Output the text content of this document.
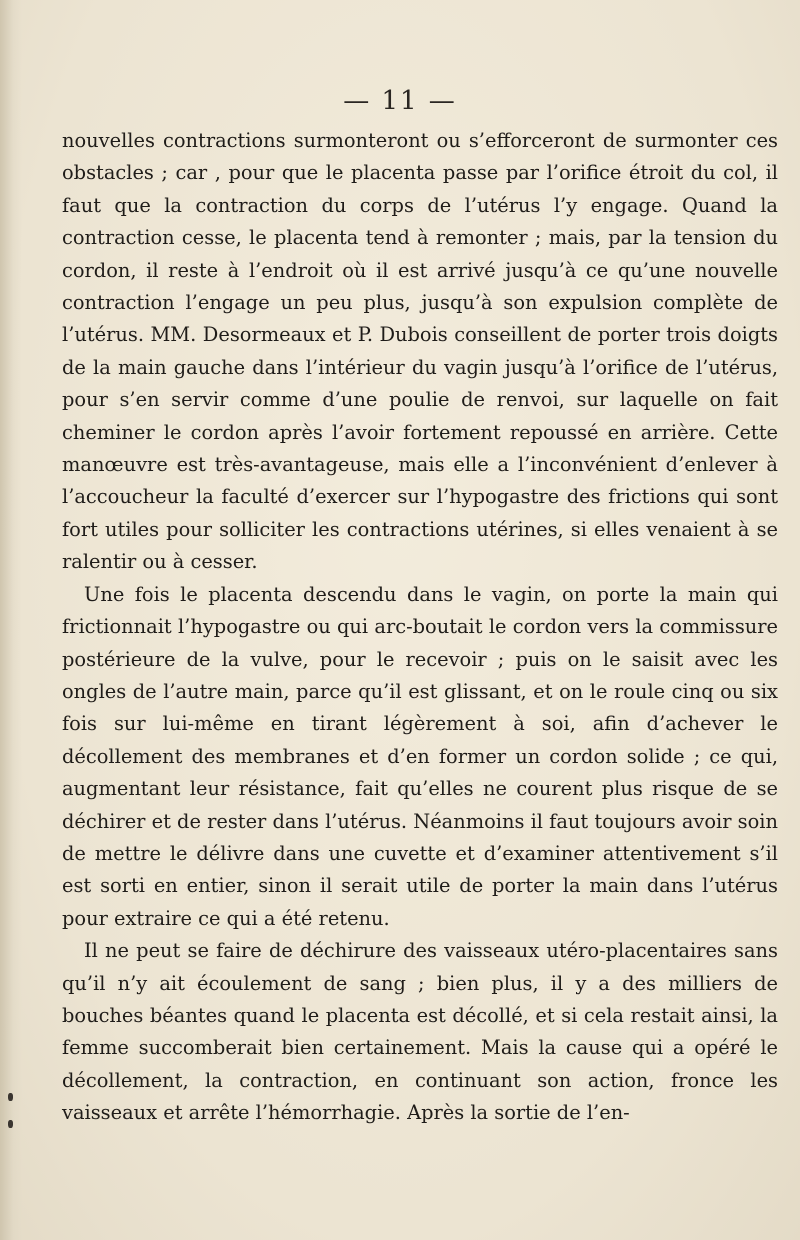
— 11 —

nouvelles contractions surmonteront ou s’efforceront de surmonter ces obstacles ; car , pour que le placenta passe par l’orifice étroit du col, il faut que la contraction du corps de l’utérus l’y engage. Quand la contraction cesse, le placenta tend à remonter ; mais, par la tension du cordon, il reste à l’endroit où il est arrivé jusqu’à ce qu’une nouvelle contraction l’engage un peu plus, jusqu’à son expulsion complète de l’utérus. MM. Desormeaux et P. Dubois conseillent de porter trois doigts de la main gauche dans l’intérieur du vagin jusqu’à l’orifice de l’utérus, pour s’en servir comme d’une poulie de renvoi, sur laquelle on fait cheminer le cordon après l’avoir fortement repoussé en arrière. Cette manœuvre est très-avantageuse, mais elle a l’inconvénient d’enlever à l’accoucheur la faculté d’exercer sur l’hypogastre des frictions qui sont fort utiles pour solliciter les contractions utérines, si elles venaient à se ralentir ou à cesser.

Une fois le placenta descendu dans le vagin, on porte la main qui frictionnait l’hypogastre ou qui arc-boutait le cordon vers la commissure postérieure de la vulve, pour le recevoir ; puis on le saisit avec les ongles de l’autre main, parce qu’il est glissant, et on le roule cinq ou six fois sur lui-même en tirant légèrement à soi, afin d’achever le décollement des membranes et d’en former un cordon solide ; ce qui, augmentant leur résistance, fait qu’elles ne courent plus risque de se déchirer et de rester dans l’utérus. Néanmoins il faut toujours avoir soin de mettre le délivre dans une cuvette et d’examiner attentivement s’il est sorti en entier, sinon il serait utile de porter la main dans l’utérus pour extraire ce qui a été retenu.

Il ne peut se faire de déchirure des vaisseaux utéro-placentaires sans qu’il n’y ait écoulement de sang ; bien plus, il y a des milliers de bouches béantes quand le placenta est décollé, et si cela restait ainsi, la femme succomberait bien certainement. Mais la cause qui a opéré le décollement, la contraction, en continuant son action, fronce les vaisseaux et arrête l’hémorrhagie. Après la sortie de l’en-
